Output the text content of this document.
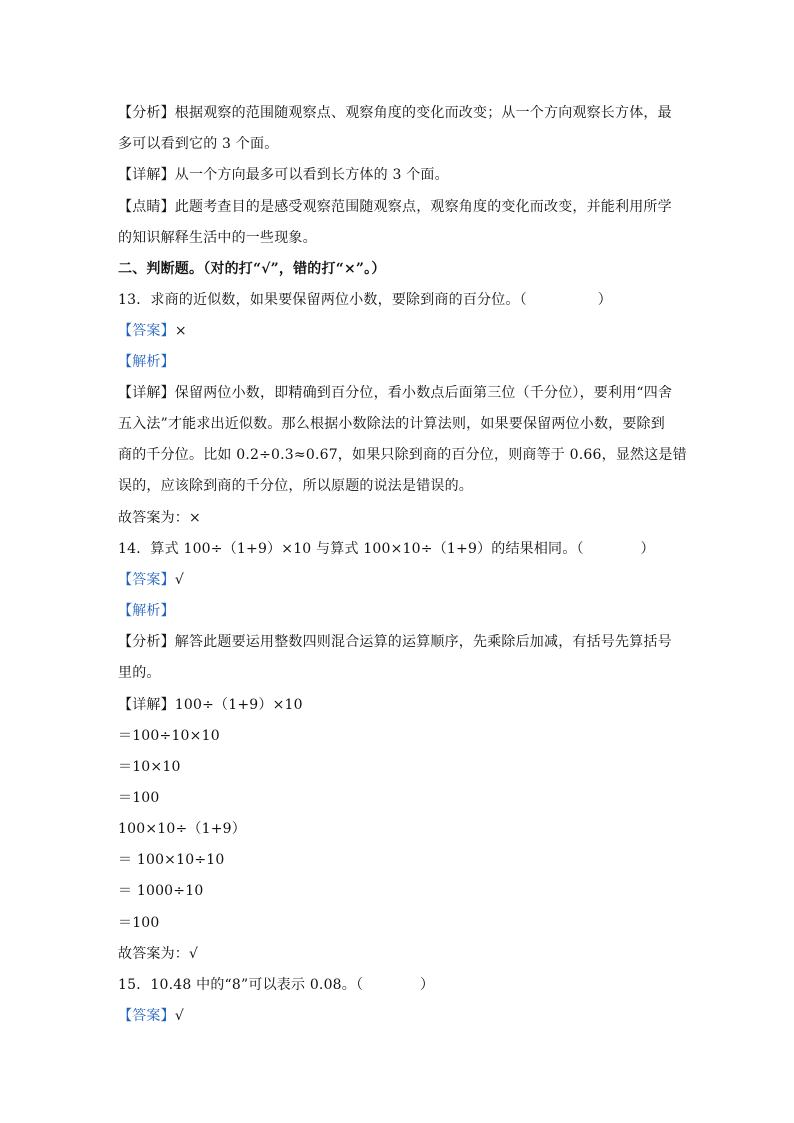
【分析】根据观察的范围随观察点、观察角度的变化而改变；从一个方向观察长方体，最
多可以看到它的 3 个面。
【详解】从一个方向最多可以看到长方体的 3 个面。
【点睛】此题考查目的是感受观察范围随观察点，观察角度的变化而改变，并能利用所学
的知识解释生活中的一些现象。
二、判断题。（对的打“√”，错的打“×”。）
13．求商的近似数，如果要保留两位小数，要除到商的百分位。（　　　　　）
【答案】×
【解析】
【详解】保留两位小数，即精确到百分位，看小数点后面第三位（千分位），要利用“四舍
五入法”才能求出近似数。那么根据小数除法的计算法则，如果要保留两位小数，要除到
商的千分位。比如 0.2÷0.3≈0.67，如果只除到商的百分位，则商等于 0.66，显然这是错
误的，应该除到商的千分位，所以原题的说法是错误的。
故答案为：×
14．算式 100÷（1+9）×10 与算式 100×10÷（1+9）的结果相同。（　　　　）
【答案】√
【解析】
【分析】解答此题要运用整数四则混合运算的运算顺序，先乘除后加减，有括号先算括号
里的。
【详解】100÷（1+9）×10
＝100÷10×10
＝10×10
＝100
100×10÷（1+9）
＝ 100×10÷10
＝ 1000÷10
＝100
故答案为：√
15．10.48 中的“8”可以表示 0.08。（　　　　）
【答案】√
